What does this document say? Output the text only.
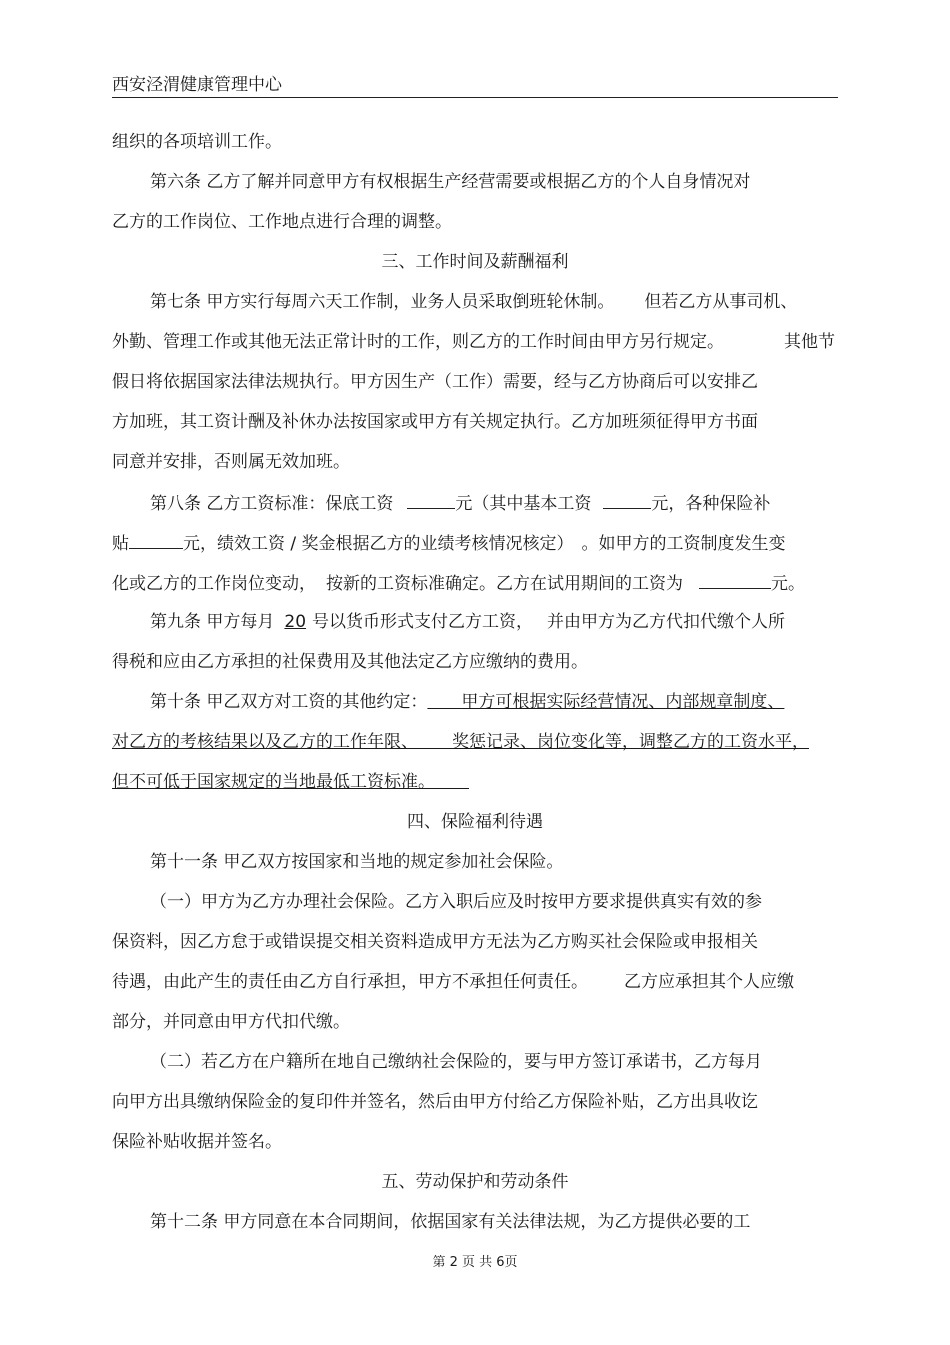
西安泾渭健康管理中心
组织的各项培训工作。
第六条 乙方了解并同意甲方有权根据生产经营需要或根据乙方的个人自身情况对
乙方的工作岗位、工作地点进行合理的调整。
三、工作时间及薪酬福利
第七条 甲方实行每周六天工作制，业务人员采取倒班轮休制。 但若乙方从事司机、
外勤、管理工作或其他无法正常计时的工作，则乙方的工作时间由甲方另行规定。	其他节
假日将依据国家法律法规执行。甲方因生产（工作）需要，经与乙方协商后可以安排乙
方加班，其工资计酬及补休办法按国家或甲方有关规定执行。乙方加班须征得甲方书面
同意并安排，否则属无效加班。
第八条 乙方工资标准：保底工资	元（其中基本工资	元，各种保险补
贴	元，绩效工资 / 奖金根据乙方的业绩考核情况核定） 。如甲方的工资制度发生变
化或乙方的工作岗位变动， 按新的工资标准确定。乙方在试用期间的工资为	元。
第九条 甲方每月 20 号以货币形式支付乙方工资， 并由甲方为乙方代扣代缴个人所
得税和应由乙方承担的社保费用及其他法定乙方应缴纳的费用。
第十条 甲乙双方对工资的其他约定：   甲方可根据实际经营情况、内部规章制度、
对乙方的考核结果以及乙方的工作年限、   奖惩记录、岗位变化等，调整乙方的工资水平，
但不可低于国家规定的当地最低工资标准。  
四、保险福利待遇
第十一条 甲乙双方按国家和当地的规定参加社会保险。
（一）甲方为乙方办理社会保险。乙方入职后应及时按甲方要求提供真实有效的参
保资料，因乙方怠于或错误提交相关资料造成甲方无法为乙方购买社会保险或申报相关
待遇，由此产生的责任由乙方自行承担，甲方不承担任何责任。 乙方应承担其个人应缴
部分，并同意由甲方代扣代缴。
（二）若乙方在户籍所在地自己缴纳社会保险的，要与甲方签订承诺书，乙方每月
向甲方出具缴纳保险金的复印件并签名，然后由甲方付给乙方保险补贴，乙方出具收讫
保险补贴收据并签名。
五、劳动保护和劳动条件
第十二条 甲方同意在本合同期间，依据国家有关法律法规，为乙方提供必要的工
第 2 页 共 6页
